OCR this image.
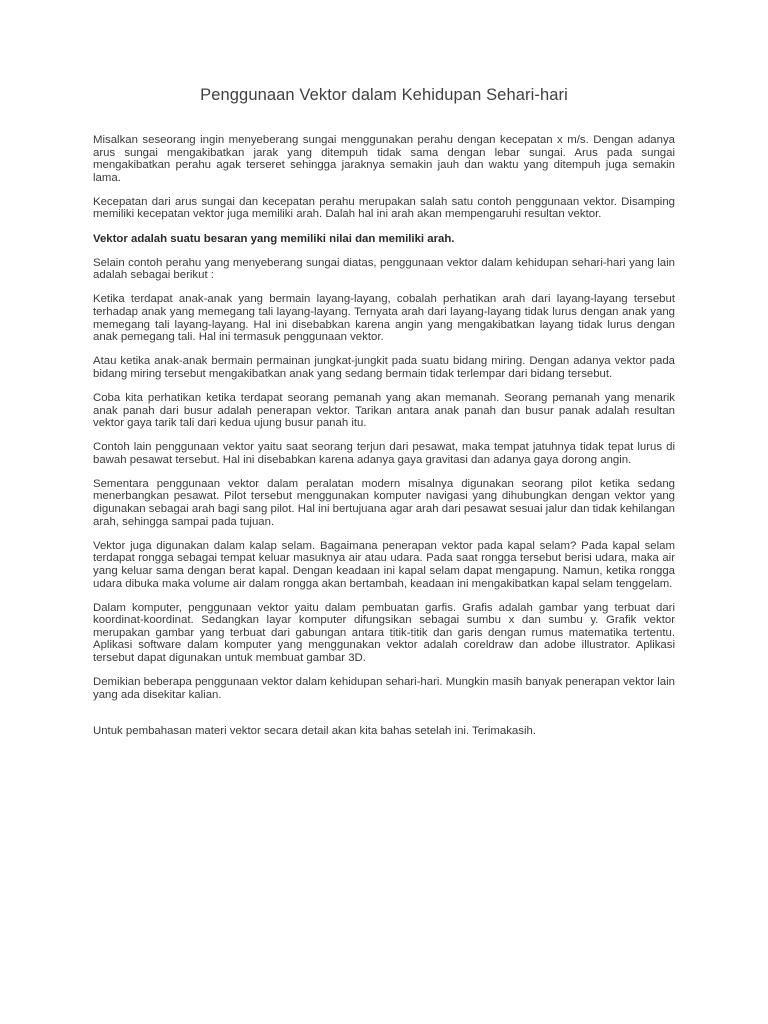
Penggunaan Vektor dalam Kehidupan Sehari-hari

Misalkan seseorang ingin menyeberang sungai menggunakan perahu dengan kecepatan x m/s. Dengan adanya arus sungai mengakibatkan jarak yang ditempuh tidak sama dengan lebar sungai. Arus pada sungai mengakibatkan perahu agak terseret sehingga jaraknya semakin jauh dan waktu yang ditempuh juga semakin lama.

Kecepatan dari arus sungai dan kecepatan perahu merupakan salah satu contoh penggunaan vektor. Disamping memiliki kecepatan vektor juga memiliki arah. Dalah hal ini arah akan mempengaruhi resultan vektor.

Vektor adalah suatu besaran yang memiliki nilai dan memiliki arah.

Selain contoh perahu yang menyeberang sungai diatas, penggunaan vektor dalam kehidupan sehari-hari yang lain adalah sebagai berikut :

Ketika terdapat anak-anak yang bermain layang-layang, cobalah perhatikan arah dari layang-layang tersebut terhadap anak yang memegang tali layang-layang. Ternyata arah dari layang-layang tidak lurus dengan anak yang memegang tali layang-layang. Hal ini disebabkan karena angin yang mengakibatkan layang tidak lurus dengan anak pemegang tali. Hal ini termasuk penggunaan vektor.

Atau ketika anak-anak bermain permainan jungkat-jungkit pada suatu bidang miring. Dengan adanya vektor pada bidang miring tersebut mengakibatkan anak yang sedang bermain tidak terlempar dari bidang tersebut.

Coba kita perhatikan ketika terdapat seorang pemanah yang akan memanah. Seorang pemanah yang menarik anak panah dari busur adalah penerapan vektor. Tarikan antara anak panah dan busur panak adalah resultan vektor gaya tarik tali dari kedua ujung busur panah itu.

Contoh lain penggunaan vektor yaitu saat seorang terjun dari pesawat, maka tempat jatuhnya tidak tepat lurus di bawah pesawat tersebut. Hal ini disebabkan karena adanya gaya gravitasi dan adanya gaya dorong angin.

Sementara penggunaan vektor dalam peralatan modern misalnya digunakan seorang pilot ketika sedang menerbangkan pesawat. Pilot tersebut menggunakan komputer navigasi yang dihubungkan dengan vektor yang digunakan sebagai arah bagi sang pilot. Hal ini bertujuana agar arah dari pesawat sesuai jalur dan tidak kehilangan arah, sehingga sampai pada tujuan.

Vektor juga digunakan dalam kalap selam. Bagaimana penerapan vektor pada kapal selam? Pada kapal selam terdapat rongga sebagai tempat keluar masuknya air atau udara. Pada saat rongga tersebut berisi udara, maka air yang keluar sama dengan berat kapal. Dengan keadaan ini kapal selam dapat mengapung. Namun, ketika rongga udara dibuka maka volume air dalam rongga akan bertambah, keadaan ini mengakibatkan kapal selam tenggelam.

Dalam komputer, penggunaan vektor yaitu dalam pembuatan garfis. Grafis adalah gambar yang terbuat dari koordinat-koordinat. Sedangkan layar komputer difungsikan sebagai sumbu x dan sumbu y. Grafik vektor merupakan gambar yang terbuat dari gabungan antara titik-titik dan garis dengan rumus matematika tertentu. Aplikasi software dalam komputer yang menggunakan vektor adalah coreldraw dan adobe illustrator. Aplikasi tersebut dapat digunakan untuk membuat gambar 3D.

Demikian beberapa penggunaan vektor dalam kehidupan sehari-hari. Mungkin masih banyak penerapan vektor lain yang ada disekitar kalian.

Untuk pembahasan materi vektor secara detail akan kita bahas setelah ini. Terimakasih.
